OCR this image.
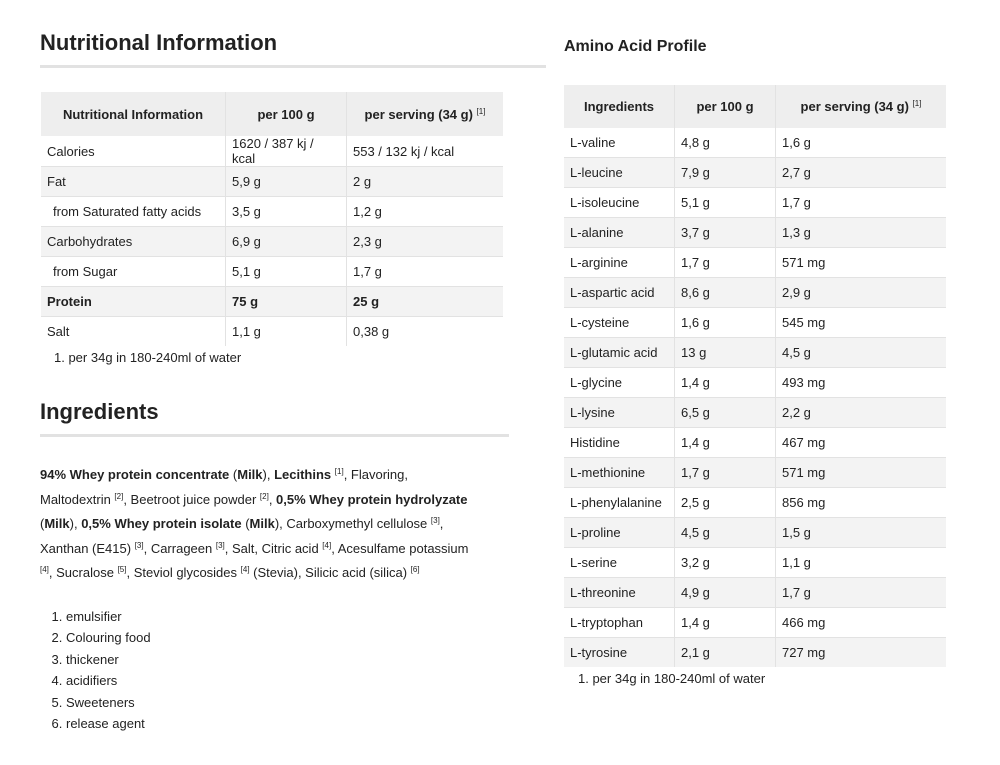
Nutritional Information
Nutritional Information	per 100 g	per serving (34 g) [1]
Calories	1620 / 387 kj / kcal	553 / 132 kj / kcal
Fat	5,9 g	2 g
from Saturated fatty acids	3,5 g	1,2 g
Carbohydrates	6,9 g	2,3 g
from Sugar	5,1 g	1,7 g
Protein	75 g	25 g
Salt	1,1 g	0,38 g
1. per 34g in 180-240ml of water
Ingredients
94% Whey protein concentrate (Milk), Lecithins [1], Flavoring, Maltodextrin [2], Beetroot juice powder [2], 0,5% Whey protein hydrolyzate (Milk), 0,5% Whey protein isolate (Milk), Carboxymethyl cellulose [3], Xanthan (E415) [3], Carrageen [3], Salt, Citric acid [4], Acesulfame potassium [4], Sucralose [5], Steviol glycosides [4] (Stevia), Silicic acid (silica) [6]
1. emulsifier
2. Colouring food
3. thickener
4. acidifiers
5. Sweeteners
6. release agent
Amino Acid Profile
Ingredients	per 100 g	per serving (34 g) [1]
L-valine	4,8 g	1,6 g
L-leucine	7,9 g	2,7 g
L-isoleucine	5,1 g	1,7 g
L-alanine	3,7 g	1,3 g
L-arginine	1,7 g	571 mg
L-aspartic acid	8,6 g	2,9 g
L-cysteine	1,6 g	545 mg
L-glutamic acid	13 g	4,5 g
L-glycine	1,4 g	493 mg
L-lysine	6,5 g	2,2 g
Histidine	1,4 g	467 mg
L-methionine	1,7 g	571 mg
L-phenylalanine	2,5 g	856 mg
L-proline	4,5 g	1,5 g
L-serine	3,2 g	1,1 g
L-threonine	4,9 g	1,7 g
L-tryptophan	1,4 g	466 mg
L-tyrosine	2,1 g	727 mg
1. per 34g in 180-240ml of water
